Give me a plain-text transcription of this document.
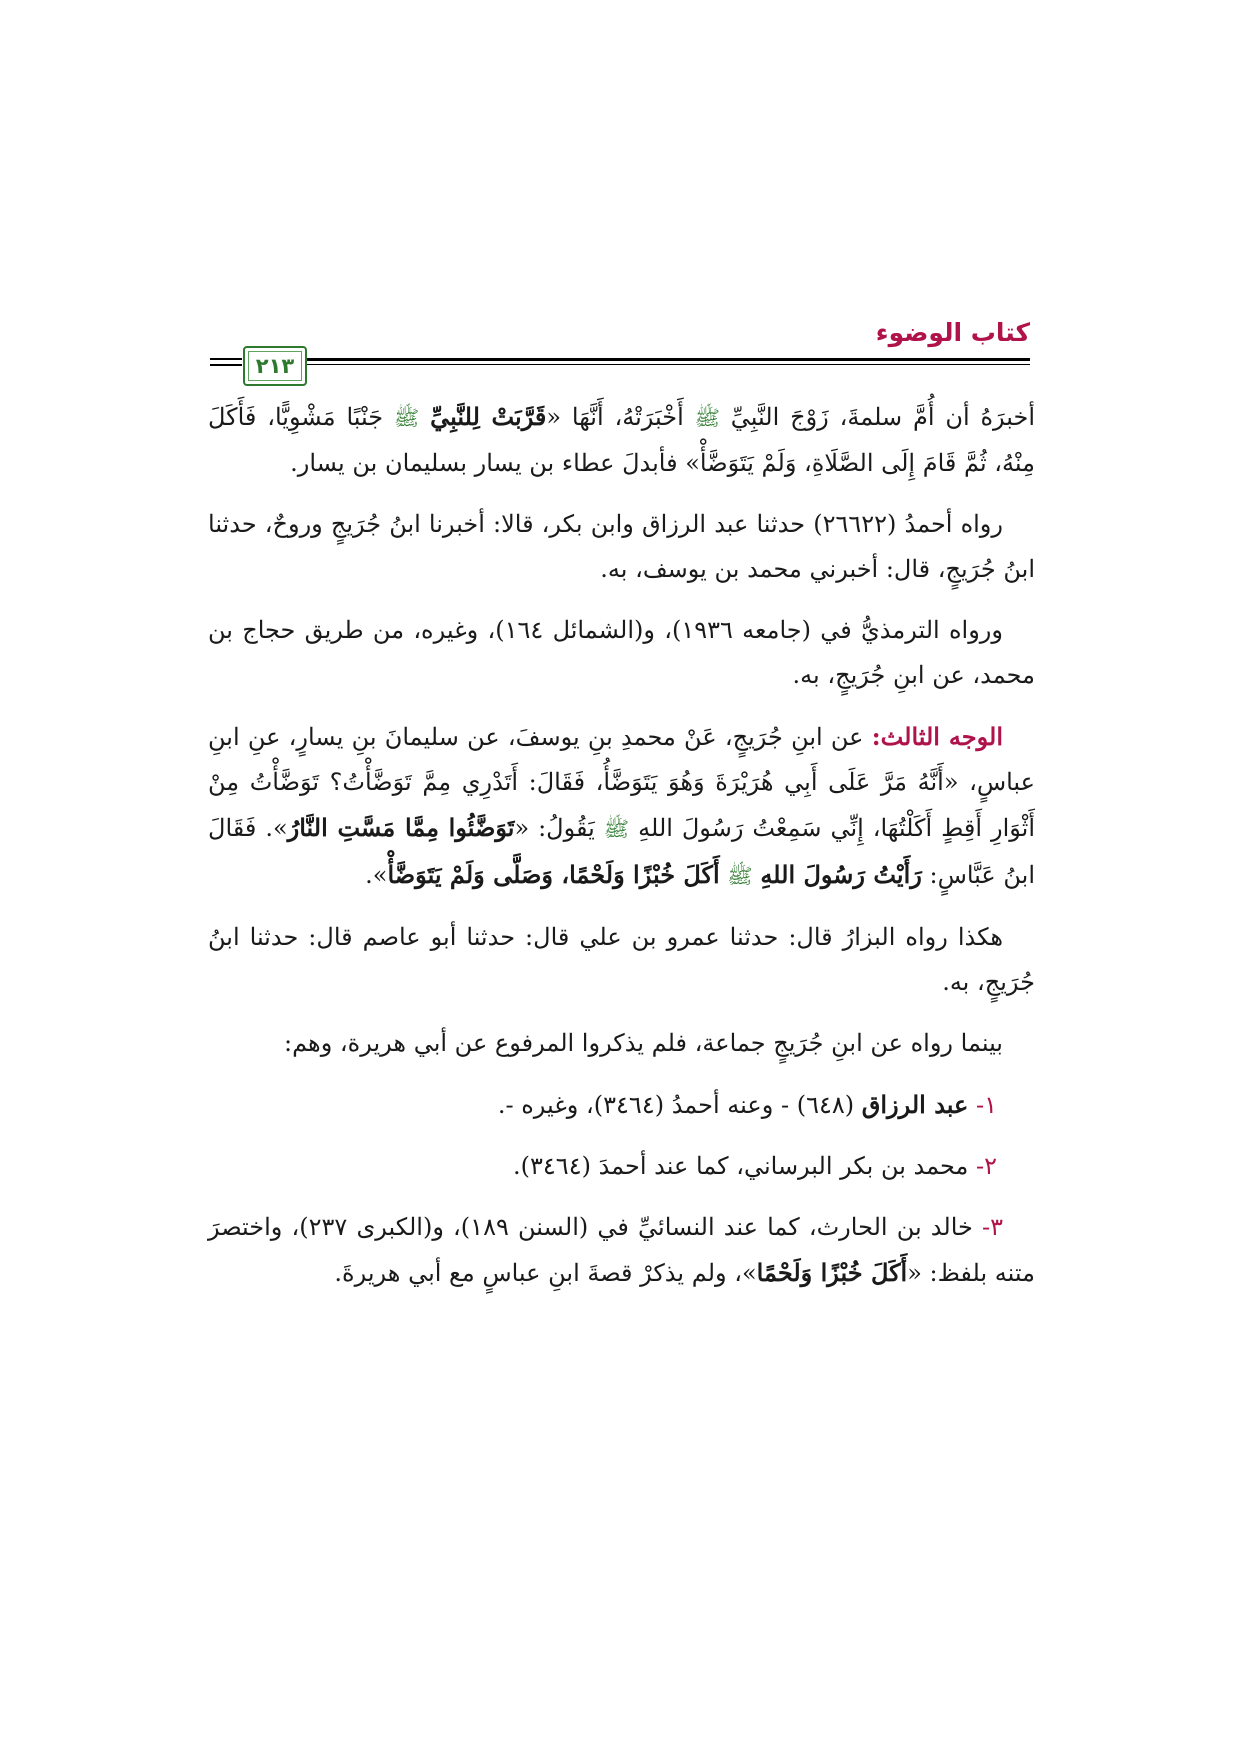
كتاب الوضوء
٢١٣

أخبرَهُ أن أُمَّ سلمةَ، زَوْجَ النَّبِيِّ ﷺ أَخْبَرَتْهُ، أَنَّهَا «قَرَّبَتْ لِلنَّبِيِّ ﷺ جَنْبًا مَشْوِيًّا، فَأَكَلَ مِنْهُ، ثُمَّ قَامَ إِلَى الصَّلَاةِ، وَلَمْ يَتَوَضَّأْ» فأبدلَ عطاء بن يسار بسليمان بن يسار.

رواه أحمدُ (٢٦٦٢٢) حدثنا عبد الرزاق وابن بكر، قالا: أخبرنا ابنُ جُرَيجٍ وروحٌ، حدثنا ابنُ جُرَيجٍ، قال: أخبرني محمد بن يوسف، به.

ورواه الترمذيُّ في (جامعه ١٩٣٦)، و(الشمائل ١٦٤)، وغيره، من طريق حجاج بن محمد، عن ابنِ جُرَيجٍ، به.

الوجه الثالث: عن ابنِ جُرَيجٍ، عَنْ محمدِ بنِ يوسفَ، عن سليمانَ بنِ يسارٍ، عنِ ابنِ عباسٍ، «أَنَّهُ مَرَّ عَلَى أَبِي هُرَيْرَةَ وَهُوَ يَتَوَضَّأُ، فَقَالَ: أَتَدْرِي مِمَّ تَوَضَّأْتُ؟ تَوَضَّأْتُ مِنْ أَثْوَارِ أَقِطٍ أَكَلْتُهَا، إِنِّي سَمِعْتُ رَسُولَ اللهِ ﷺ يَقُولُ: «تَوَضَّئُوا مِمَّا مَسَّتِ النَّارُ». فَقَالَ ابنُ عَبَّاسٍ: رَأَيْتُ رَسُولَ اللهِ ﷺ أَكَلَ خُبْزًا وَلَحْمًا، وَصَلَّى وَلَمْ يَتَوَضَّأْ».

هكذا رواه البزارُ قال: حدثنا عمرو بن علي قال: حدثنا أبو عاصم قال: حدثنا ابنُ جُرَيجٍ، به.

بينما رواه عن ابنِ جُرَيجٍ جماعة، فلم يذكروا المرفوع عن أبي هريرة، وهم:

١- عبد الرزاق (٦٤٨) - وعنه أحمدُ (٣٤٦٤)، وغيره -.

٢- محمد بن بكر البرساني، كما عند أحمدَ (٣٤٦٤).

٣- خالد بن الحارث، كما عند النسائيِّ في (السنن ١٨٩)، و(الكبرى ٢٣٧)، واختصرَ متنه بلفظ: «أَكَلَ خُبْزًا وَلَحْمًا»، ولم يذكرْ قصةَ ابنِ عباسٍ مع أبي هريرةَ.
